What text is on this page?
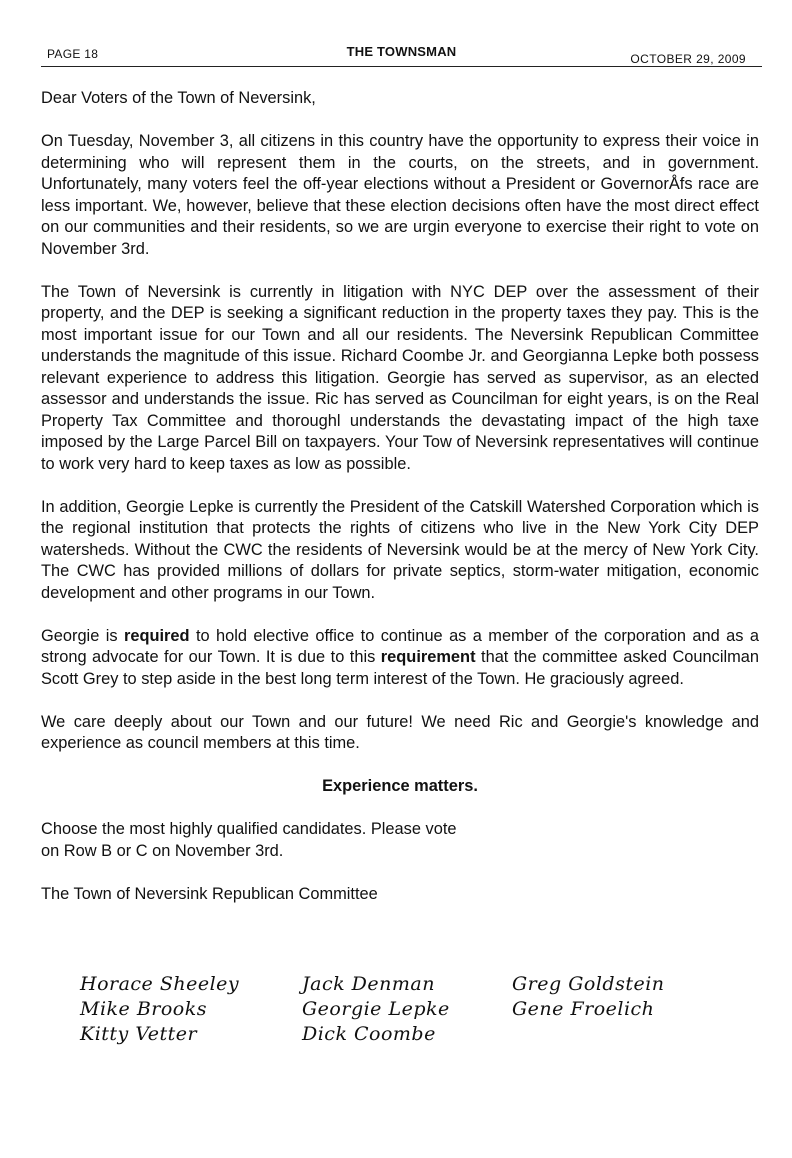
PAGE 18	THE TOWNSMAN	OCTOBER 29, 2009

Dear Voters of the Town of Neversink,

On Tuesday, November 3, all citizens in this country have the opportunity to express their voice in determining who will represent them in the courts, on the streets, and in government. Unfortunately, many voters feel the off-year elections without a President or GovernorÅfs race are less important. We, however, believe that these election decisions often have the most direct effect on our communities and their residents, so we are urgin everyone to exercise their right to vote on November 3rd.

The Town of Neversink is currently in litigation with NYC DEP over the assessment of their property, and the DEP is seeking a significant reduction in the property taxes they pay. This is the most important issue for our Town and all our residents. The Neversink Republican Committee understands the magnitude of this issue. Richard Coombe Jr. and Georgianna Lepke both possess relevant experience to address this litigation. Georgie has served as supervisor, as an elected assessor and understands the issue. Ric has served as Councilman for eight years, is on the Real Property Tax Committee and thoroughl understands the devastating impact of the high taxe imposed by the Large Parcel Bill on taxpayers. Your Tow of Neversink representatives will continue to work very hard to keep taxes as low as possible.

In addition, Georgie Lepke is currently the President of the Catskill Watershed Corporation which is the regional institution that protects the rights of citizens who live in the New York City DEP watersheds. Without the CWC the residents of Neversink would be at the mercy of New York City. The CWC has provided millions of dollars for private septics, storm-water mitigation, economic development and other programs in our Town.

Georgie is required to hold elective office to continue as a member of the corporation and as a strong advocate for our Town. It is due to this requirement that the committee asked Councilman Scott Grey to step aside in the best long term interest of the Town. He graciously agreed.

We care deeply about our Town and our future! We need Ric and Georgie's knowledge and experience as council members at this time.

Experience matters.

Choose the most highly qualified candidates. Please vote
on Row B or C on November 3rd.

The Town of Neversink Republican Committee

Horace Sheeley
Mike Brooks
Kitty Vetter
Jack Denman
Georgie Lepke
Dick Coombe
Greg Goldstein
Gene Froelich
